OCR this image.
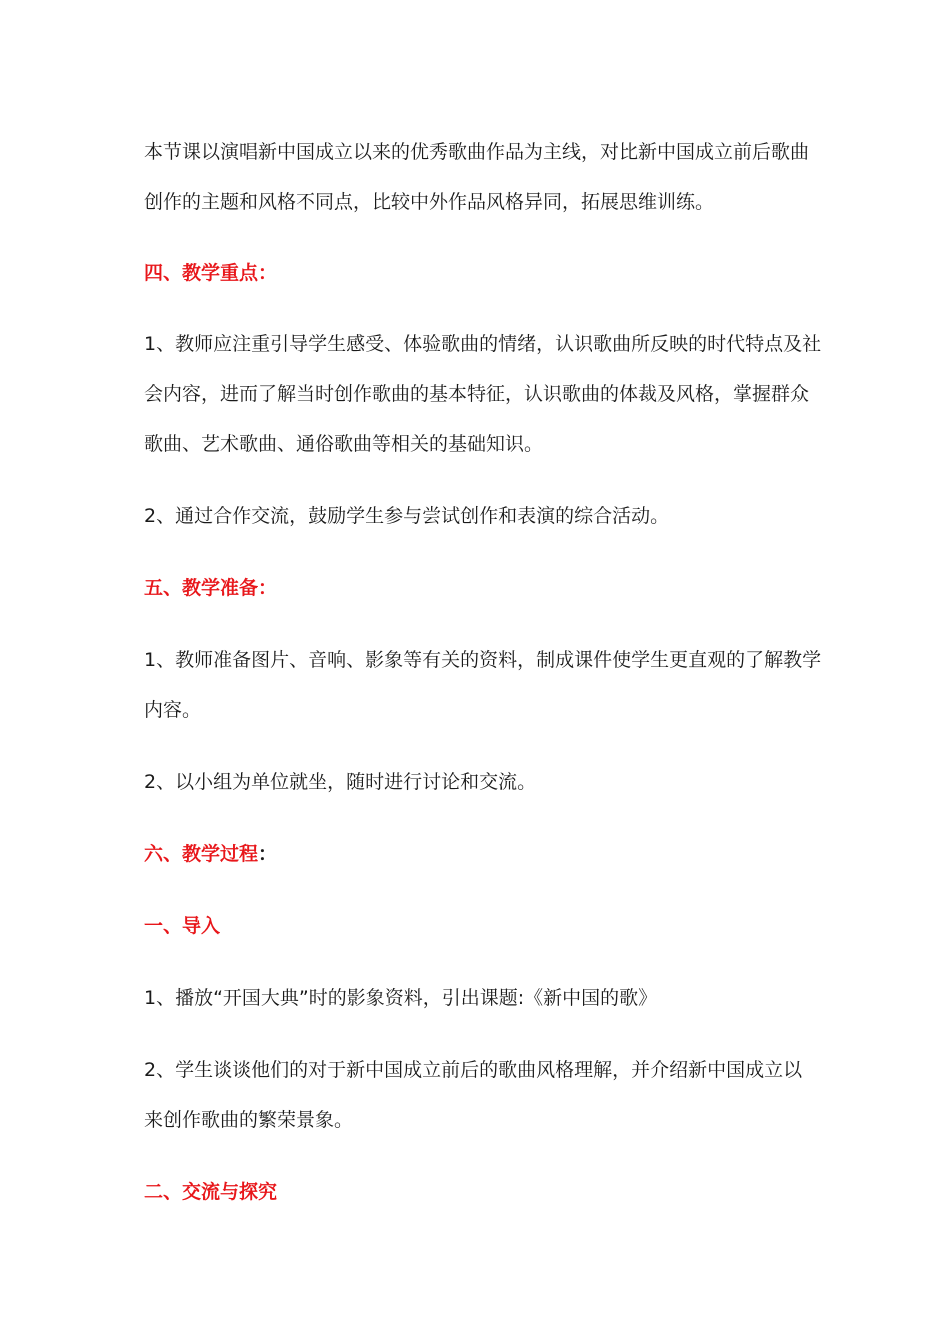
本节课以演唱新中国成立以来的优秀歌曲作品为主线，对比新中国成立前后歌曲
创作的主题和风格不同点，比较中外作品风格异同，拓展思维训练。
四、教学重点：
1、教师应注重引导学生感受、体验歌曲的情绪，认识歌曲所反映的时代特点及社
会内容，进而了解当时创作歌曲的基本特征，认识歌曲的体裁及风格，掌握群众
歌曲、艺术歌曲、通俗歌曲等相关的基础知识。
2、通过合作交流，鼓励学生参与尝试创作和表演的综合活动。
五、教学准备：
1、教师准备图片、音响、影象等有关的资料，制成课件使学生更直观的了解教学
内容。
2、以小组为单位就坐，随时进行讨论和交流。
六、教学过程：
一、导入
1、播放“开国大典”时的影象资料，引出课题:《新中国的歌》
2、学生谈谈他们的对于新中国成立前后的歌曲风格理解，并介绍新中国成立以
来创作歌曲的繁荣景象。
二、交流与探究
